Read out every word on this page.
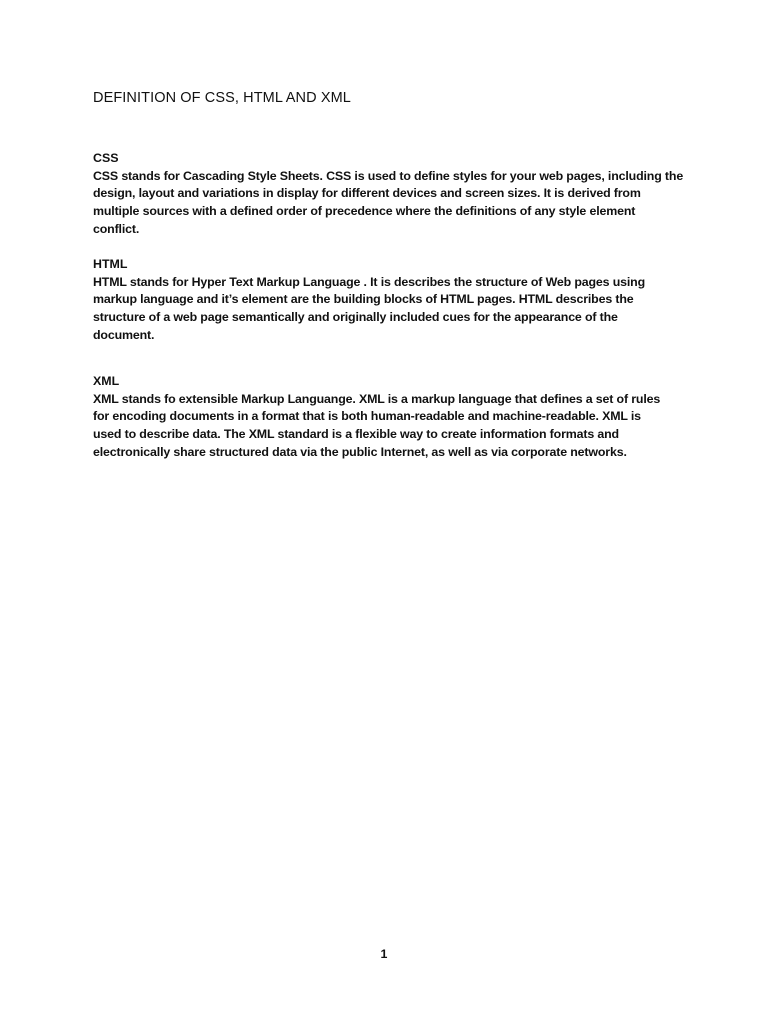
DEFINITION OF CSS, HTML AND XML

CSS

CSS stands for Cascading Style Sheets. CSS is used to define styles for your web pages, including the
design, layout and variations in display for different devices and screen sizes. It is derived from
multiple sources with a defined order of precedence where the definitions of any style element
conflict.

HTML

HTML stands for Hyper Text Markup Language . It is describes the structure of Web pages using
markup language and it’s element are the building blocks of HTML pages. HTML describes the
structure of a web page semantically and originally included cues for the appearance of the
document.

XML

XML stands fo extensible Markup Languange. XML is a markup language that defines a set of rules
for encoding documents in a format that is both human-readable and machine-readable. XML is
used to describe data. The XML standard is a flexible way to create information formats and
electronically share structured data via the public Internet, as well as via corporate networks.

1
